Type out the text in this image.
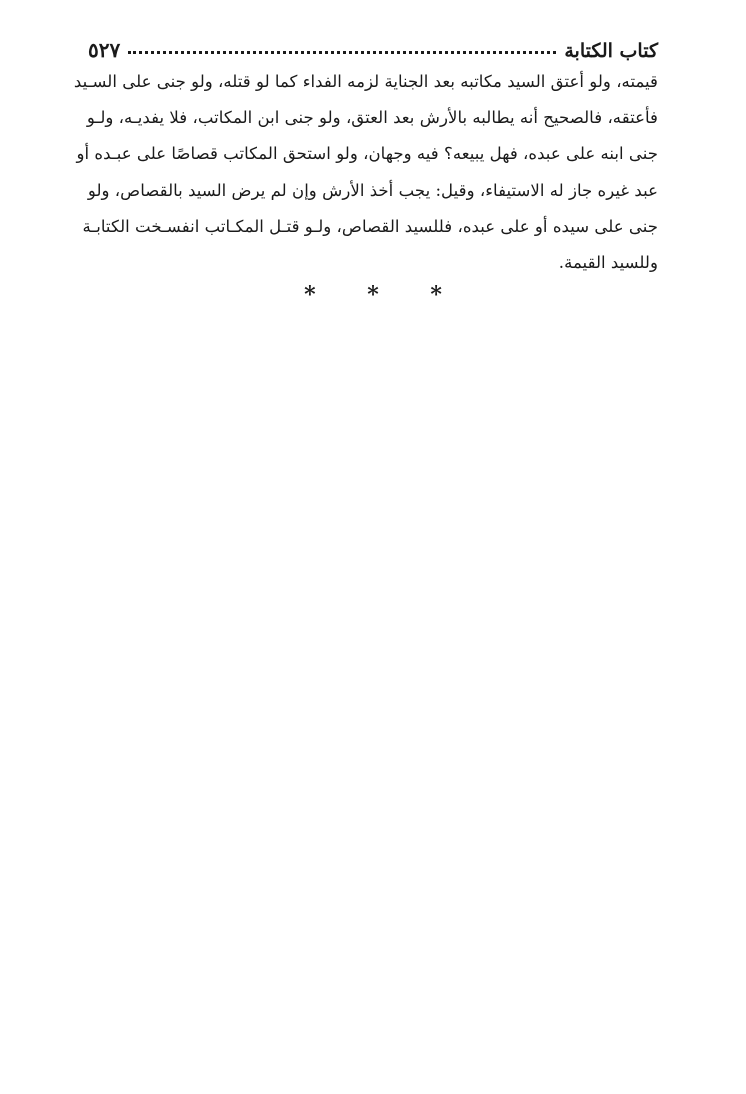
كتاب الكتابة
٥٢٧
قيمته، ولو أعتق السيد مكاتبه بعد الجناية لزمه الفداء كما لو قتله، ولو جنى على السـيد
فأعتقه، فالصحيح أنه يطالبه بالأرش بعد العتق، ولو جنى ابن المكاتب، فلا يفديـه، ولـو
جنى ابنه على عبده، فهل يبيعه؟ فيه وجهان، ولو استحق المكاتب قصاصًا على عبـده أو
عبد غيره جاز له الاستيفاء، وقيل: يجب أخذ الأرش وإن لم يرض السيد بالقصاص، ولو
جنى على سيده أو على عبده، فللسيد القصاص، ولـو قتـل المكـاتب انفسـخت الكتابـة
وللسيد القيمة.
* * *
